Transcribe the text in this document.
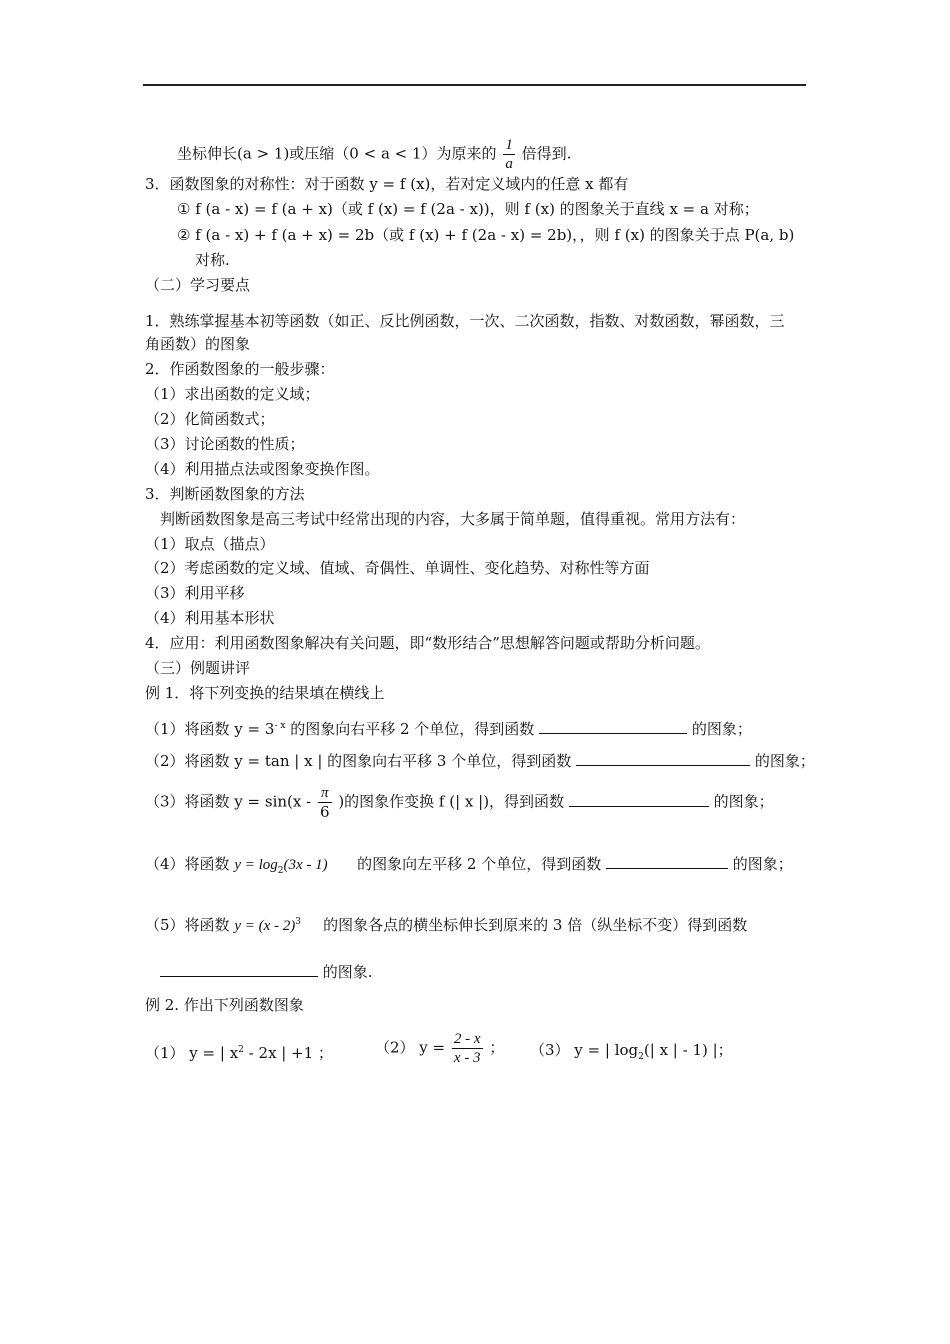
坐标伸长(a > 1)或压缩（0 < a < 1）为原来的 $\frac{1}{a}$ 倍得到.
3．函数图象的对称性：对于函数 y = f (x)，若对定义域内的任意 x 都有
① f (a - x) = f (a + x)（或 f (x) = f (2a - x))，则 f (x) 的图象关于直线 x = a 对称；
② f (a - x) + f (a + x) = 2b（或 f (x) + f (2a - x) = 2b)，，则 f (x) 的图象关于点 P(a, b)
对称.
（二）学习要点
1．熟练掌握基本初等函数（如正、反比例函数，一次、二次函数，指数、对数函数，幂函数，三
角函数）的图象
2．作函数图象的一般步骤：
（1）求出函数的定义域；
（2）化简函数式；
（3）讨论函数的性质；
（4）利用描点法或图象变换作图。
3．判断函数图象的方法
判断函数图象是高三考试中经常出现的内容，大多属于简单题，值得重视。常用方法有：
（1）取点（描点）
（2）考虑函数的定义域、值域、奇偶性、单调性、变化趋势、对称性等方面
（3）利用平移
（4）利用基本形状
4．应用：利用函数图象解决有关问题，即“数形结合”思想解答问题或帮助分析问题。
（三）例题讲评
例 1．将下列变换的结果填在横线上
（1）将函数 $y = 3^{- x}$ 的图象向右平移 2 个单位，得到函数	的图象；
（2）将函数 y = tan | x | 的图象向右平移 3 个单位，得到函数	的图象；
（3）将函数 $y = \sin(x - \frac{\pi}{6}$ )的图象作变换 f (| x |)，得到函数	的图象；
（4）将函数 $y = \log_2(3x - 1)$ 的图象向左平移 2 个单位，得到函数	的图象；
（5）将函数 y = (x - 2)$^3$ 的图象各点的横坐标伸长到原来的 3 倍（纵坐标不变）得到函数
的图象.
例 2. 作出下列函数图象
（1） y = | $x^2 - 2x$ | +1 ；	（2） $y = \frac{2 - x}{x - 3}$ ； （3） y = | $\log_2(|$ x | - 1) |；
